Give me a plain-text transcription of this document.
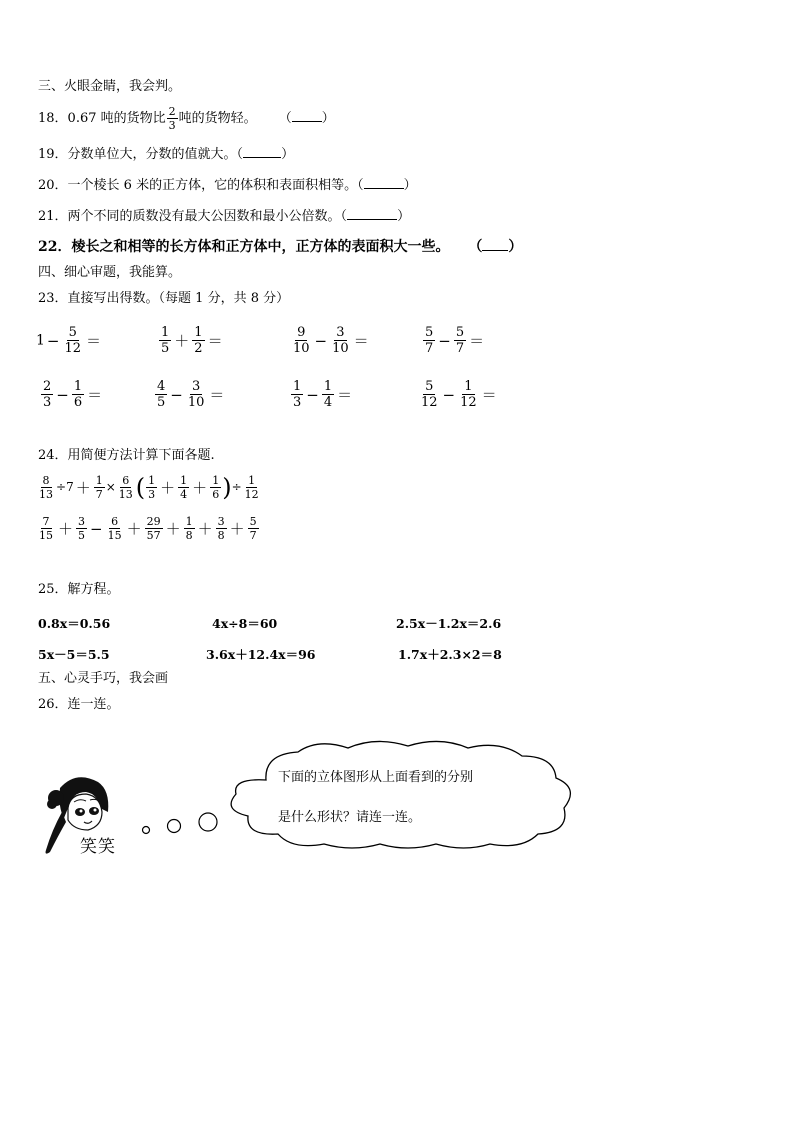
三、火眼金睛，我会判。
18．0.67 吨的货物比 $\frac{2}{3}$ 吨的货物轻。 （ ）
19．分数单位大，分数的值就大。（	）
20．一个棱长 6 米的正方体，它的体积和表面积相等。（	）
21．两个不同的质数没有最大公因数和最小公倍数。（	）
22．棱长之和相等的长方体和正方体中，正方体的表面积大一些。 （ ）
四、细心审题，我能算。
23．直接写出得数。（每题 1 分，共 8 分）
$1 - \frac{5}{12}$ ＝	$\frac{1}{5} + \frac{1}{2}$ ＝	$\frac{9}{10} - \frac{3}{10}$ ＝	$\frac{5}{7} - \frac{5}{7}$ ＝
$\frac{2}{3} - \frac{1}{6}$ ＝	$\frac{4}{5} - \frac{3}{10}$ ＝	$\frac{1}{3} - \frac{1}{4}$ ＝	$\frac{5}{12} - \frac{1}{12}$ ＝
24．用简便方法计算下面各题.
$\frac{8}{13} \div 7 + \frac{1}{7} \times \frac{6}{13}$ ( $\frac{1}{3} + \frac{1}{4} + \frac{1}{6}$ )÷ $\frac{1}{12}$
$\frac{7}{15} + \frac{3}{5} - \frac{6}{15} + \frac{29}{57} + \frac{1}{8} + \frac{3}{8} + \frac{5}{7}$
25．解方程。
0.8x＝0.56	4x÷8＝60	2.5x－1.2x＝2.6
5x－5＝5.5	3.6x＋12.4x＝96	1.7x＋2.3×2＝8
五、心灵手巧，我会画
26．连一连。
笑笑
下面的立体图形从上面看到的分别
是什么形状？请连一连。
